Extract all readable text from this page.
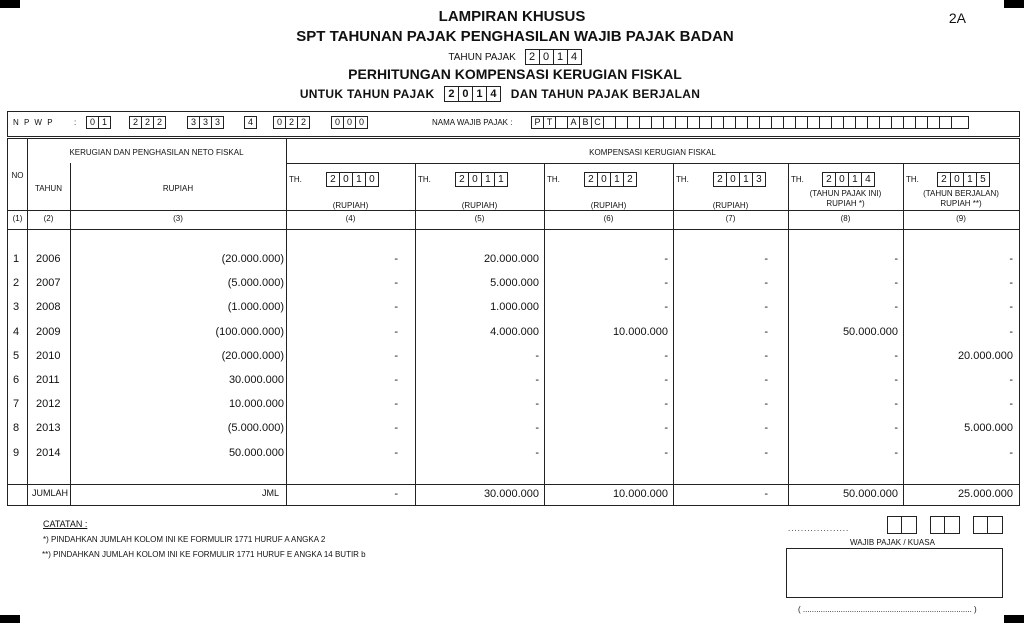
LAMPIRAN KHUSUS	2A
SPT TAHUNAN PAJAK PENGHASILAN WAJIB PAJAK BADAN
TAHUN PAJAK	2 0 1 4
PERHITUNGAN KOMPENSASI KERUGIAN FISKAL
UNTUK TAHUN PAJAK	2 0 1 4	DAN TAHUN PAJAK BERJALAN
N P W P :	0 1	2 2 2	3 3 3	4	0 2 2	0 0 0	NAMA WAJIB PAJAK :	P T	A B C
NO
KERUGIAN DAN PENGHASILAN NETO FISKAL	KOMPENSASI KERUGIAN FISKAL
TAHUN	RUPIAH
TH.	2 0 1 0
(RUPIAH)
TH.	2 0 1 1
(RUPIAH)
TH.	2 0 1 2
(RUPIAH)
TH.	2 0 1 3
(RUPIAH)
TH.	2 0 1 4
(TAHUN PAJAK INI)
RUPIAH *)
TH.	2 0 1 5
(TAHUN BERJALAN)
RUPIAH **)
(1)	(2)	(3)	(4)	(5)	(6)	(7)	(8)	(9)
1 2006	(20.000.000)	-	20.000.000	-	-	-	-
2 2007	(5.000.000)	-	5.000.000	-	-	-	-
3 2008	(1.000.000)	-	1.000.000	-	-	-	-
4 2009	(100.000.000)	-	4.000.000	10.000.000	-	50.000.000	-
5 2010	(20.000.000)	-	-	-	-	-	20.000.000
6 2011	30.000.000	-	-	-	-	-	-
7 2012	10.000.000	-	-	-	-	-	-
8 2013	(5.000.000)	-	-	-	-	-	5.000.000
9 2014	50.000.000	-	-	-	-	-	-
JUMLAH	JML	-	30.000.000	10.000.000	-	50.000.000	25.000.000
CATATAN :
*) PINDAHKAN JUMLAH KOLOM INI KE FORMULIR 1771 HURUF A ANGKA 2
**) PINDAHKAN JUMLAH KOLOM INI KE FORMULIR 1771 HURUF E ANGKA 14 BUTIR b
...................
WAJIB PAJAK / KUASA
( ............................................................................ )
